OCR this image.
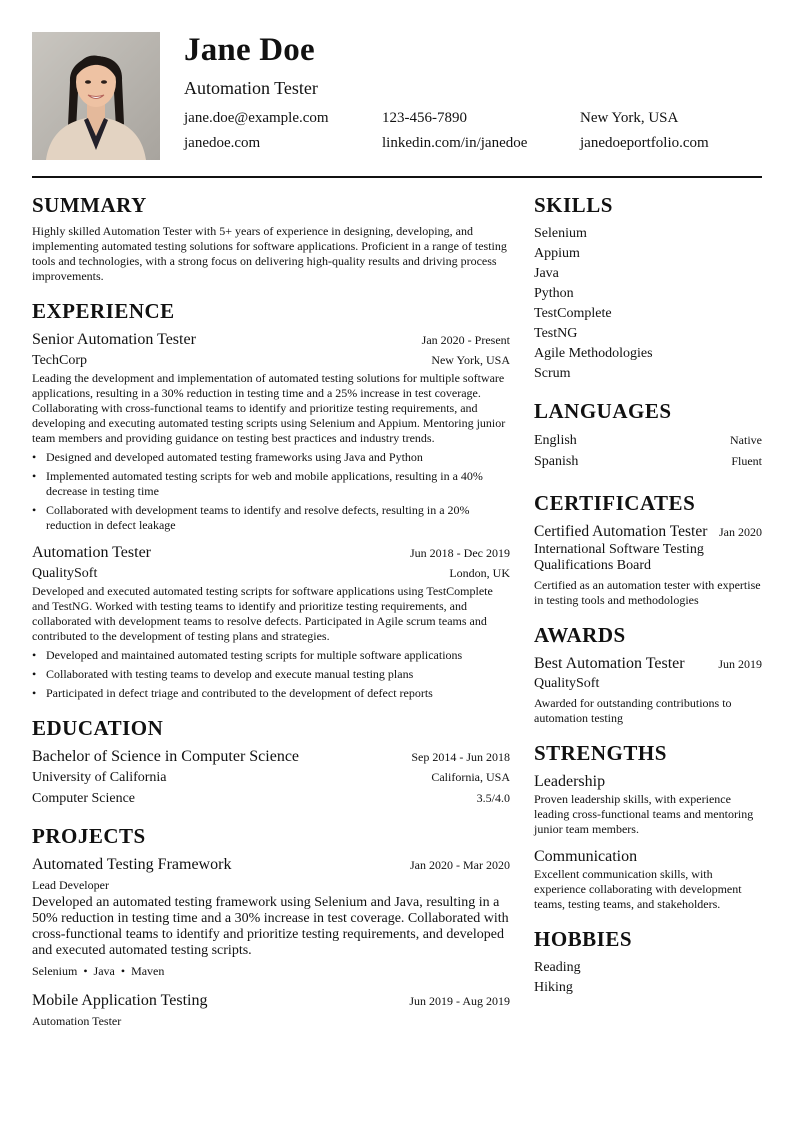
Jane Doe
Automation Tester
jane.doe@example.com	123-456-7890	New York, USA
janedoe.com	linkedin.com/in/janedoe	janedoeportfolio.com
SUMMARY
Highly skilled Automation Tester with 5+ years of experience in designing, developing, and implementing automated testing solutions for software applications. Proficient in a range of testing tools and technologies, with a strong focus on delivering high-quality results and driving process improvements.
EXPERIENCE
Senior Automation Tester	Jan 2020 - Present
TechCorp	New York, USA
Leading the development and implementation of automated testing solutions for multiple software applications, resulting in a 30% reduction in testing time and a 25% increase in test coverage. Collaborating with cross-functional teams to identify and prioritize testing requirements, and developing and executing automated testing scripts using Selenium and Appium. Mentoring junior team members and providing guidance on testing best practices and industry trends.
• Designed and developed automated testing frameworks using Java and Python
• Implemented automated testing scripts for web and mobile applications, resulting in a 40% decrease in testing time
• Collaborated with development teams to identify and resolve defects, resulting in a 20% reduction in defect leakage
Automation Tester	Jun 2018 - Dec 2019
QualitySoft	London, UK
Developed and executed automated testing scripts for software applications using TestComplete and TestNG. Worked with testing teams to identify and prioritize testing requirements, and collaborated with development teams to resolve defects. Participated in Agile scrum teams and contributed to the development of testing plans and strategies.
• Developed and maintained automated testing scripts for multiple software applications
• Collaborated with testing teams to develop and execute manual testing plans
• Participated in defect triage and contributed to the development of defect reports
EDUCATION
Bachelor of Science in Computer Science	Sep 2014 - Jun 2018
University of California	California, USA
Computer Science	3.5/4.0
PROJECTS
Automated Testing Framework	Jan 2020 - Mar 2020
Lead Developer
Developed an automated testing framework using Selenium and Java, resulting in a 50% reduction in testing time and a 30% increase in test coverage. Collaborated with cross-functional teams to identify and prioritize testing requirements, and developed and executed automated testing scripts.
Selenium • Java • Maven
Mobile Application Testing	Jun 2019 - Aug 2019
Automation Tester
SKILLS
Selenium
Appium
Java
Python
TestComplete
TestNG
Agile Methodologies
Scrum
LANGUAGES
English	Native
Spanish	Fluent
CERTIFICATES
Certified Automation Tester Jan 2020
International Software Testing Qualifications Board
Certified as an automation tester with expertise in testing tools and methodologies
AWARDS
Best Automation Tester	Jun 2019
QualitySoft
Awarded for outstanding contributions to automation testing
STRENGTHS
Leadership
Proven leadership skills, with experience leading cross-functional teams and mentoring junior team members.
Communication
Excellent communication skills, with experience collaborating with development teams, testing teams, and stakeholders.
HOBBIES
Reading
Hiking
